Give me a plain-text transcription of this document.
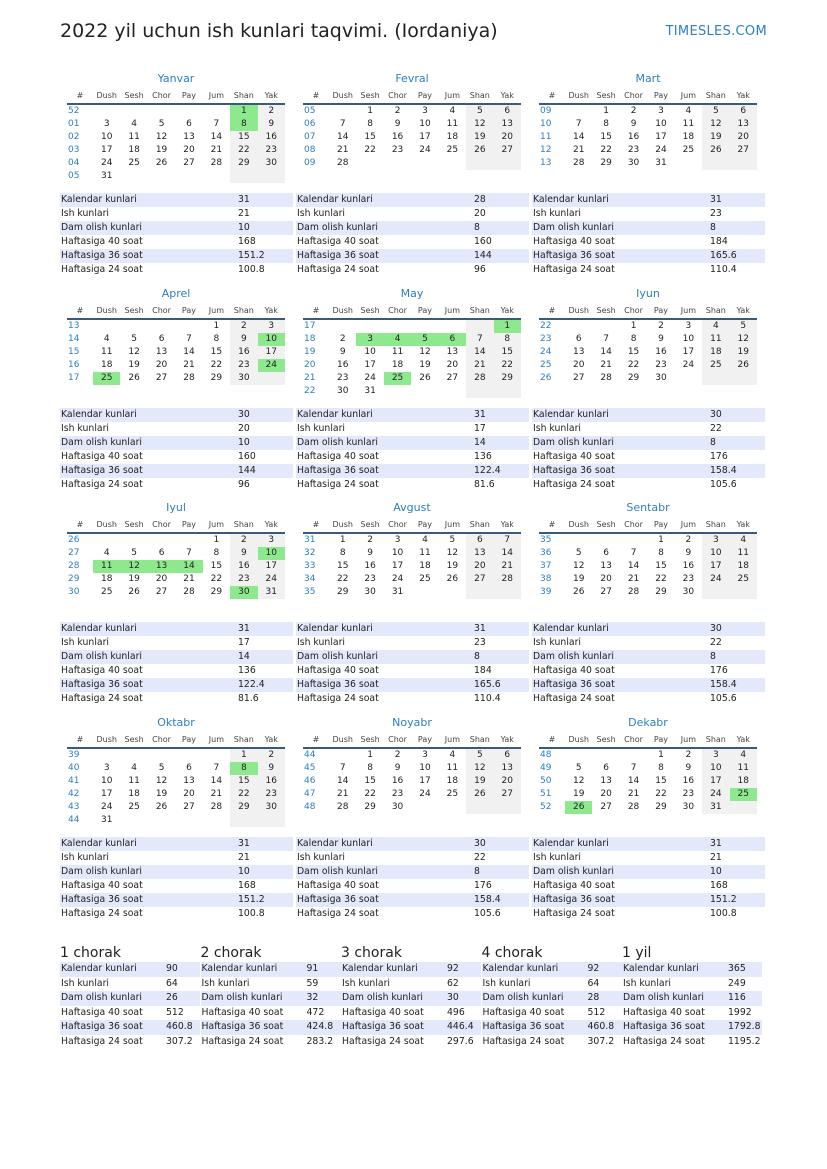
2022 yil uchun ish kunlari taqvimi. (Iordaniya)	TIMESLES.COM
Yanvar
#	Dush	Sesh	Chor	Pay	Jum	Shan	Yak
52						1	2
01	3	4	5	6	7	8	9
02	10	11	12	13	14	15	16
03	17	18	19	20	21	22	23
04	24	25	26	27	28	29	30
05	31						
Kalendar kunlari	31
Ish kunlari	21
Dam olish kunlari	10
Haftasiga 40 soat	168
Haftasiga 36 soat	151.2
Haftasiga 24 soat	100.8
Fevral
#	Dush	Sesh	Chor	Pay	Jum	Shan	Yak
05		1	2	3	4	5	6
06	7	8	9	10	11	12	13
07	14	15	16	17	18	19	20
08	21	22	23	24	25	26	27
09	28						
Kalendar kunlari	28
Ish kunlari	20
Dam olish kunlari	8
Haftasiga 40 soat	160
Haftasiga 36 soat	144
Haftasiga 24 soat	96
Mart
#	Dush	Sesh	Chor	Pay	Jum	Shan	Yak
09		1	2	3	4	5	6
10	7	8	9	10	11	12	13
11	14	15	16	17	18	19	20
12	21	22	23	24	25	26	27
13	28	29	30	31			
Kalendar kunlari	31
Ish kunlari	23
Dam olish kunlari	8
Haftasiga 40 soat	184
Haftasiga 36 soat	165.6
Haftasiga 24 soat	110.4
Aprel
#	Dush	Sesh	Chor	Pay	Jum	Shan	Yak
13					1	2	3
14	4	5	6	7	8	9	10
15	11	12	13	14	15	16	17
16	18	19	20	21	22	23	24
17	25	26	27	28	29	30	
Kalendar kunlari	30
Ish kunlari	20
Dam olish kunlari	10
Haftasiga 40 soat	160
Haftasiga 36 soat	144
Haftasiga 24 soat	96
May
#	Dush	Sesh	Chor	Pay	Jum	Shan	Yak
17							1
18	2	3	4	5	6	7	8
19	9	10	11	12	13	14	15
20	16	17	18	19	20	21	22
21	23	24	25	26	27	28	29
22	30	31					
Kalendar kunlari	31
Ish kunlari	17
Dam olish kunlari	14
Haftasiga 40 soat	136
Haftasiga 36 soat	122.4
Haftasiga 24 soat	81.6
Iyun
#	Dush	Sesh	Chor	Pay	Jum	Shan	Yak
22			1	2	3	4	5
23	6	7	8	9	10	11	12
24	13	14	15	16	17	18	19
25	20	21	22	23	24	25	26
26	27	28	29	30			
Kalendar kunlari	30
Ish kunlari	22
Dam olish kunlari	8
Haftasiga 40 soat	176
Haftasiga 36 soat	158.4
Haftasiga 24 soat	105.6
Iyul
#	Dush	Sesh	Chor	Pay	Jum	Shan	Yak
26					1	2	3
27	4	5	6	7	8	9	10
28	11	12	13	14	15	16	17
29	18	19	20	21	22	23	24
30	25	26	27	28	29	30	31
Kalendar kunlari	31
Ish kunlari	17
Dam olish kunlari	14
Haftasiga 40 soat	136
Haftasiga 36 soat	122.4
Haftasiga 24 soat	81.6
Avgust
#	Dush	Sesh	Chor	Pay	Jum	Shan	Yak
31	1	2	3	4	5	6	7
32	8	9	10	11	12	13	14
33	15	16	17	18	19	20	21
34	22	23	24	25	26	27	28
35	29	30	31				
Kalendar kunlari	31
Ish kunlari	23
Dam olish kunlari	8
Haftasiga 40 soat	184
Haftasiga 36 soat	165.6
Haftasiga 24 soat	110.4
Sentabr
#	Dush	Sesh	Chor	Pay	Jum	Shan	Yak
35				1	2	3	4
36	5	6	7	8	9	10	11
37	12	13	14	15	16	17	18
38	19	20	21	22	23	24	25
39	26	27	28	29	30		
Kalendar kunlari	30
Ish kunlari	22
Dam olish kunlari	8
Haftasiga 40 soat	176
Haftasiga 36 soat	158.4
Haftasiga 24 soat	105.6
Oktabr
#	Dush	Sesh	Chor	Pay	Jum	Shan	Yak
39						1	2
40	3	4	5	6	7	8	9
41	10	11	12	13	14	15	16
42	17	18	19	20	21	22	23
43	24	25	26	27	28	29	30
44	31						
Kalendar kunlari	31
Ish kunlari	21
Dam olish kunlari	10
Haftasiga 40 soat	168
Haftasiga 36 soat	151.2
Haftasiga 24 soat	100.8
Noyabr
#	Dush	Sesh	Chor	Pay	Jum	Shan	Yak
44		1	2	3	4	5	6
45	7	8	9	10	11	12	13
46	14	15	16	17	18	19	20
47	21	22	23	24	25	26	27
48	28	29	30				
Kalendar kunlari	30
Ish kunlari	22
Dam olish kunlari	8
Haftasiga 40 soat	176
Haftasiga 36 soat	158.4
Haftasiga 24 soat	105.6
Dekabr
#	Dush	Sesh	Chor	Pay	Jum	Shan	Yak
48				1	2	3	4
49	5	6	7	8	9	10	11
50	12	13	14	15	16	17	18
51	19	20	21	22	23	24	25
52	26	27	28	29	30	31	
Kalendar kunlari	31
Ish kunlari	21
Dam olish kunlari	10
Haftasiga 40 soat	168
Haftasiga 36 soat	151.2
Haftasiga 24 soat	100.8
1 chorak
Kalendar kunlari	90
Ish kunlari	64
Dam olish kunlari	26
Haftasiga 40 soat	512
Haftasiga 36 soat	460.8
Haftasiga 24 soat	307.2
2 chorak
Kalendar kunlari	91
Ish kunlari	59
Dam olish kunlari	32
Haftasiga 40 soat	472
Haftasiga 36 soat	424.8
Haftasiga 24 soat	283.2
3 chorak
Kalendar kunlari	92
Ish kunlari	62
Dam olish kunlari	30
Haftasiga 40 soat	496
Haftasiga 36 soat	446.4
Haftasiga 24 soat	297.6
4 chorak
Kalendar kunlari	92
Ish kunlari	64
Dam olish kunlari	28
Haftasiga 40 soat	512
Haftasiga 36 soat	460.8
Haftasiga 24 soat	307.2
1 yil
Kalendar kunlari	365
Ish kunlari	249
Dam olish kunlari	116
Haftasiga 40 soat	1992
Haftasiga 36 soat	1792.8
Haftasiga 24 soat	1195.2
